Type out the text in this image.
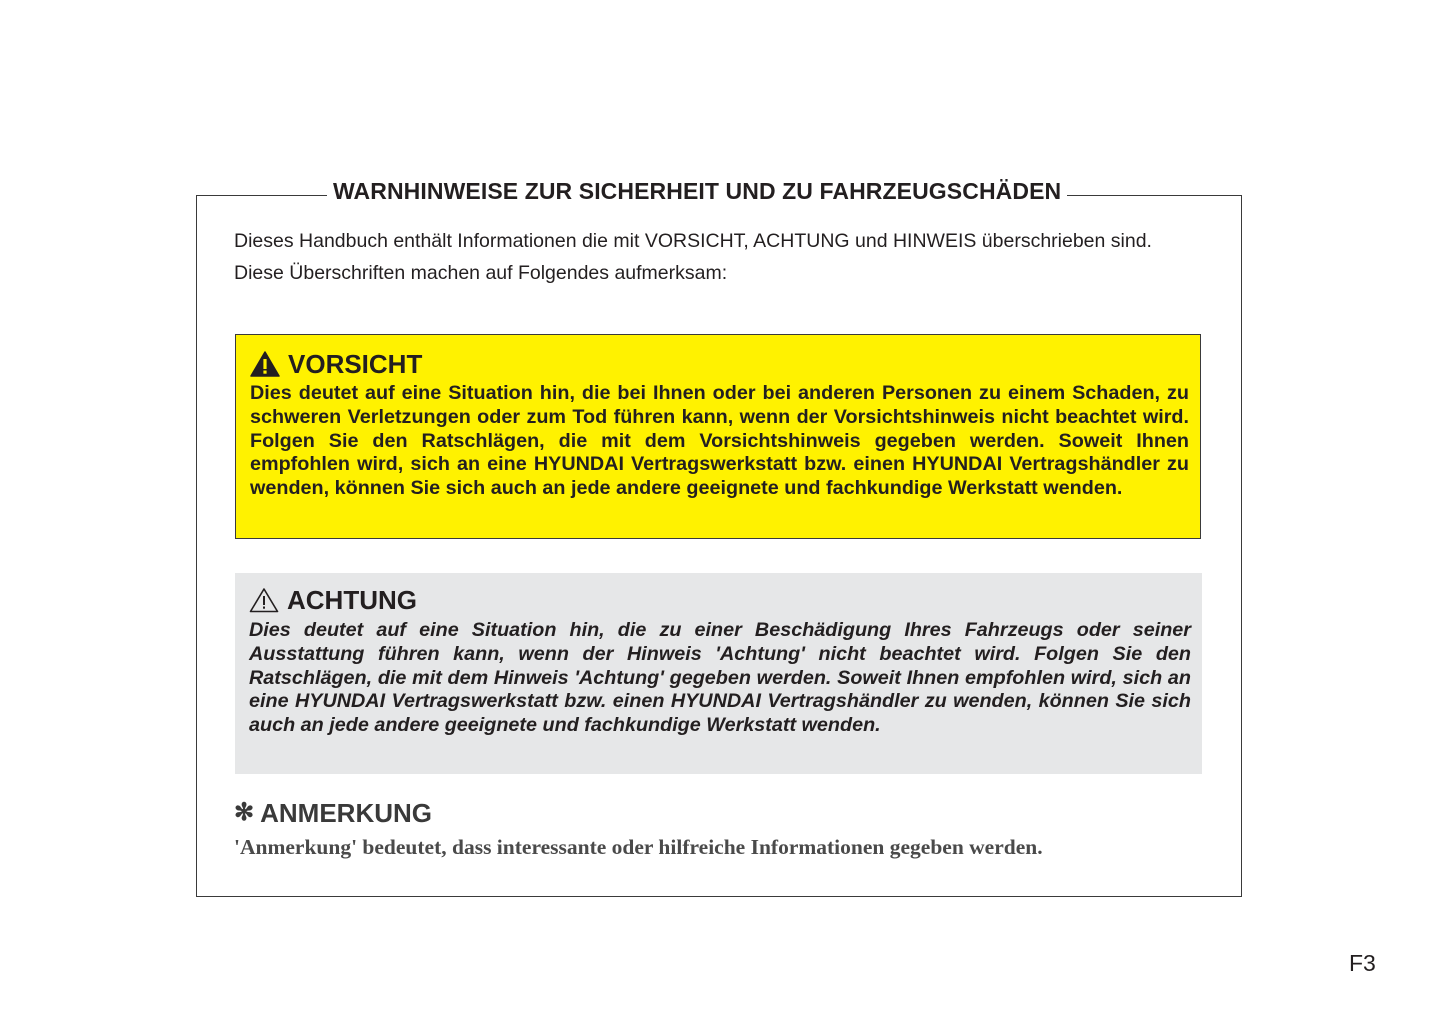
WARNHINWEISE ZUR SICHERHEIT UND ZU FAHRZEUGSCHÄDEN

Dieses Handbuch enthält Informationen die mit VORSICHT, ACHTUNG und HINWEIS überschrieben sind.

Diese Überschriften machen auf Folgendes aufmerksam:

VORSICHT
Dies deutet auf eine Situation hin, die bei Ihnen oder bei anderen Personen zu einem Schaden, zu schweren Verletzungen oder zum Tod führen kann, wenn der Vorsichtshinweis nicht beachtet wird. Folgen Sie den Ratschlägen, die mit dem Vorsichtshinweis gegeben werden. Soweit Ihnen empfohlen wird, sich an eine HYUNDAI Vertragswerkstatt bzw. einen HYUNDAI Vertragshändler zu wenden, können Sie sich auch an jede andere geeignete und fachkundige Werkstatt wenden.
ACHTUNG
Dies deutet auf eine Situation hin, die zu einer Beschädigung Ihres Fahrzeugs oder seiner Ausstattung führen kann, wenn der Hinweis 'Achtung' nicht beachtet wird. Folgen Sie den Ratschlägen, die mit dem Hinweis 'Achtung' gegeben werden. Soweit Ihnen empfohlen wird, sich an eine HYUNDAI Vertragswerkstatt bzw. einen HYUNDAI Vertragshändler zu wenden, können Sie sich auch an jede andere geeignete und fachkundige Werkstatt wenden.
✻ ANMERKUNG
'Anmerkung' bedeutet, dass interessante oder hilfreiche Informationen gegeben werden.
F3
